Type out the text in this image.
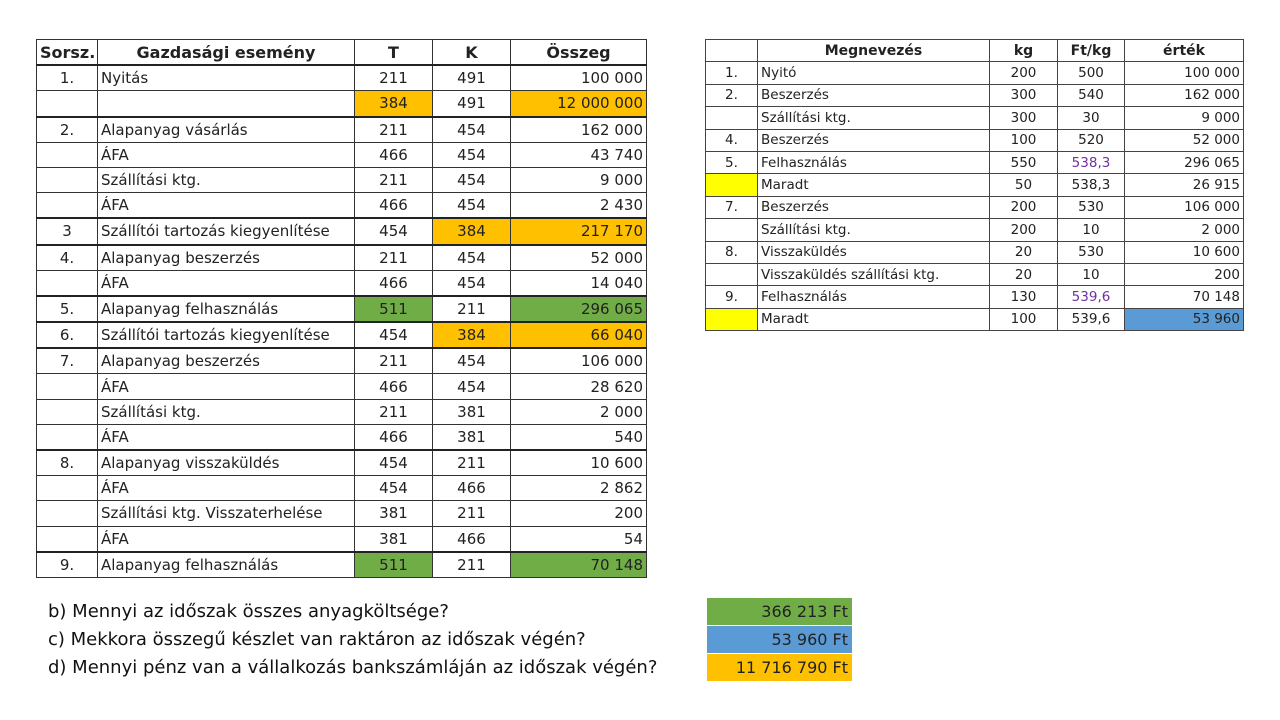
Sorsz.	Gazdasági esemény	T	K	Összeg
1.	Nyitás	211	491	100 000
		384	491	12 000 000
2.	Alapanyag vásárlás	211	454	162 000
	ÁFA	466	454	43 740
	Szállítási ktg.	211	454	9 000
	ÁFA	466	454	2 430
3	Szállítói tartozás kiegyenlítése	454	384	217 170
4.	Alapanyag beszerzés	211	454	52 000
	ÁFA	466	454	14 040
5.	Alapanyag felhasználás	511	211	296 065
6.	Szállítói tartozás kiegyenlítése	454	384	66 040
7.	Alapanyag beszerzés	211	454	106 000
	ÁFA	466	454	28 620
	Szállítási ktg.	211	381	2 000
	ÁFA	466	381	540
8.	Alapanyag visszaküldés	454	211	10 600
	ÁFA	454	466	2 862
	Szállítási ktg. Visszaterhelése	381	211	200
	ÁFA	381	466	54
9.	Alapanyag felhasználás	511	211	70 148
	Megnevezés	kg	Ft/kg	érték
1.	Nyitó	200	500	100 000
2.	Beszerzés	300	540	162 000
	Szállítási ktg.	300	30	9 000
4.	Beszerzés	100	520	52 000
5.	Felhasználás	550	538,3	296 065
	Maradt	50	538,3	26 915
7.	Beszerzés	200	530	106 000
	Szállítási ktg.	200	10	2 000
8.	Visszaküldés	20	530	10 600
	Visszaküldés szállítási ktg.	20	10	200
9.	Felhasználás	130	539,6	70 148
	Maradt	100	539,6	53 960
b) Mennyi az időszak összes anyagköltsége?	366 213 Ft
c) Mekkora összegű készlet van raktáron az időszak végén?	53 960 Ft
d) Mennyi pénz van a vállalkozás bankszámláján az időszak végén?	11 716 790 Ft
